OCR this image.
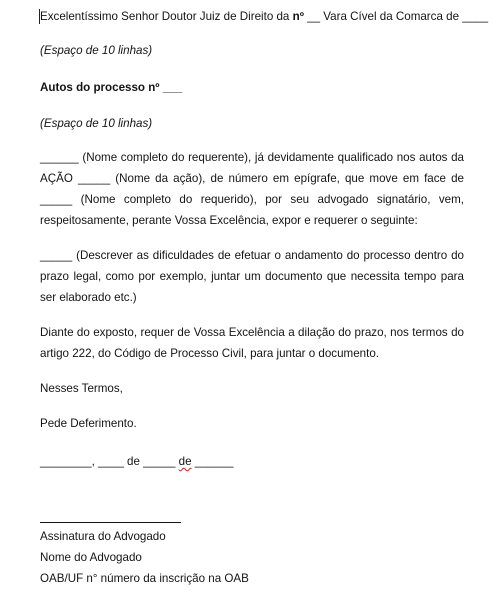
Excelentíssimo Senhor Doutor Juiz de Direito da nº __ Vara Cível da Comarca de ____
(Espaço de 10 linhas)
Autos do processo nº ___
(Espaço de 10 linhas)
______ (Nome completo do requerente), já devidamente qualificado nos autos da AÇÃO _____ (Nome da ação), de número em epígrafe, que move em face de _____ (Nome completo do requerido), por seu advogado signatário, vem, respeitosamente, perante Vossa Excelência, expor e requerer o seguinte:
_____ (Descrever as dificuldades de efetuar o andamento do processo dentro do prazo legal, como por exemplo, juntar um documento que necessita tempo para ser elaborado etc.)
Diante do exposto, requer de Vossa Excelência a dilação do prazo, nos termos do artigo 222, do Código de Processo Civil, para juntar o documento.
Nesses Termos,
Pede Deferimento.
________, ____ de _____ de ______
Assinatura do Advogado
Nome do Advogado
OAB/UF n° número da inscrição na OAB
